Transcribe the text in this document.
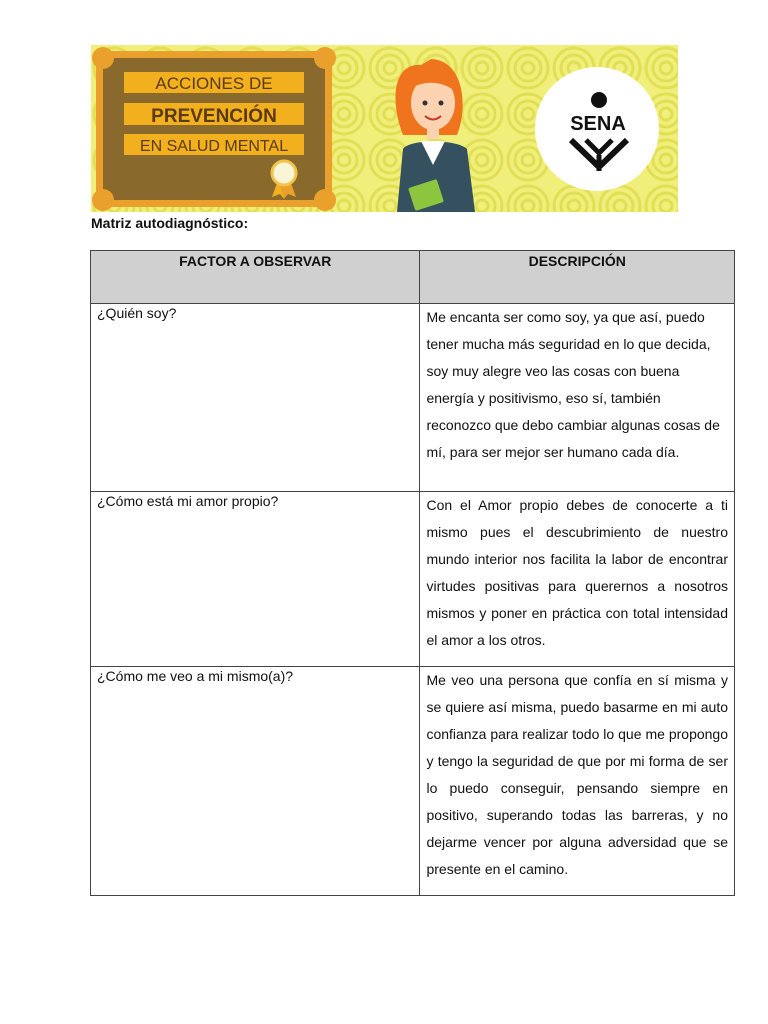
ACCIONES DE
PREVENCIÓN
EN SALUD MENTAL
SENA
Matriz autodiagnóstico:
FACTOR A OBSERVAR	DESCRIPCIÓN
¿Quién soy?	Me encanta ser como soy, ya que así, puedo tener mucha más seguridad en lo que decida, soy muy alegre veo las cosas con buena energía y positivismo, eso sí, también reconozco que debo cambiar algunas cosas de mí, para ser mejor ser humano cada día.
¿Cómo está mi amor propio?	Con el Amor propio debes de conocerte a ti mismo pues el descubrimiento de nuestro mundo interior nos facilita la labor de encontrar virtudes positivas para querernos a nosotros mismos y poner en práctica con total intensidad el amor a los otros.
¿Cómo me veo a mi mismo(a)?	Me veo una persona que confía en sí misma y se quiere así misma, puedo basarme en mi auto confianza para realizar todo lo que me propongo y tengo la seguridad de que por mi forma de ser lo puedo conseguir, pensando siempre en positivo, superando todas las barreras, y no dejarme vencer por alguna adversidad que se presente en el camino.
